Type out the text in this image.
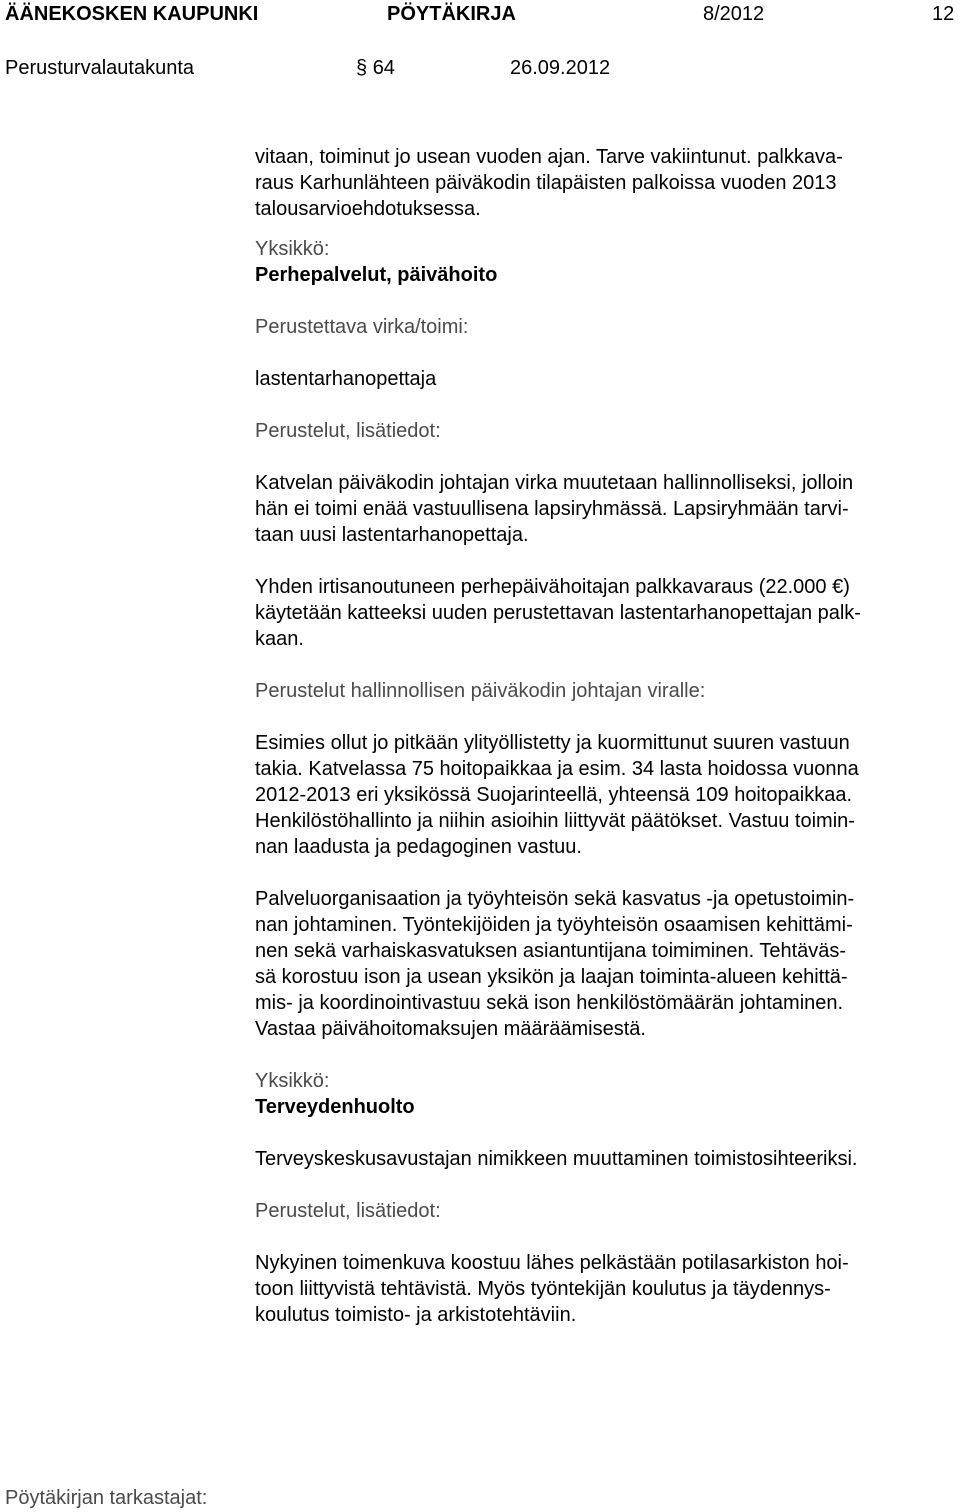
ÄÄNEKOSKEN KAUPUNKI	PÖYTÄKIRJA	8/2012	12
Perusturvalautakunta	§ 64	26.09.2012

vitaan, toiminut jo usean vuoden ajan. Tarve vakiintunut. palkkava-
raus Karhunlähteen päiväkodin tilapäisten palkoissa vuoden 2013
talousarvioehdotuksessa.

Yksikkö:

Perhepalvelut, päivähoito

Perustettava virka/toimi:

lastentarhanopettaja

Perustelut, lisätiedot:

Katvelan päiväkodin johtajan virka muutetaan hallinnolliseksi, jolloin
hän ei toimi enää vastuullisena lapsiryhmässä. Lapsiryhmään tarvi-
taan uusi lastentarhanopettaja.

Yhden irtisanoutuneen perhepäivähoitajan palkkavaraus (22.000 €)
käytetään katteeksi uuden perustettavan lastentarhanopettajan palk-
kaan.

Perustelut hallinnollisen päiväkodin johtajan viralle:

Esimies ollut jo pitkään ylityöllistetty ja kuormittunut suuren vastuun
takia. Katvelassa 75 hoitopaikkaa ja esim. 34 lasta hoidossa vuonna
2012-2013 eri yksikössä Suojarinteellä, yhteensä 109 hoitopaikkaa.
Henkilöstöhallinto ja niihin asioihin liittyvät päätökset. Vastuu toimin-
nan laadusta ja pedagoginen vastuu.

Palveluorganisaation ja työyhteisön sekä kasvatus -ja opetustoimin-
nan johtaminen. Työntekijöiden ja työyhteisön osaamisen kehittämi-
nen sekä varhaiskasvatuksen asiantuntijana toimiminen. Tehtäväs-
sä korostuu ison ja usean yksikön ja laajan toiminta-alueen kehittä-
mis- ja koordinointivastuu sekä ison henkilöstömäärän johtaminen.
Vastaa päivähoitomaksujen määräämisestä.

Yksikkö:

Terveydenhuolto

Terveyskeskusavustajan nimikkeen muuttaminen toimistosihteeriksi.

Perustelut, lisätiedot:

Nykyinen toimenkuva koostuu lähes pelkästään potilasarkiston hoi-
toon liittyvistä tehtävistä. Myös työntekijän koulutus ja täydennys-
koulutus toimisto- ja arkistotehtäviin.

Pöytäkirjan tarkastajat:
